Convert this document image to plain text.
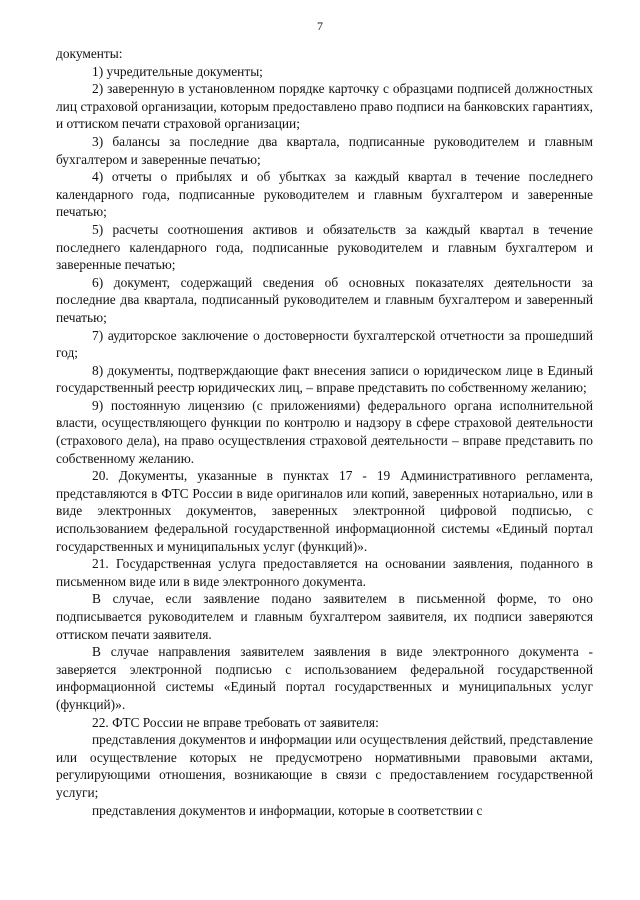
7

документы:

1) учредительные документы;

2) заверенную в установленном порядке карточку с образцами подписей должностных лиц страховой организации, которым предоставлено право подписи на банковских гарантиях, и оттиском печати страховой организации;

3) балансы за последние два квартала, подписанные руководителем и главным бухгалтером и заверенные печатью;

4) отчеты о прибылях и об убытках за каждый квартал в течение последнего календарного года, подписанные руководителем и главным бухгалтером и заверенные печатью;

5) расчеты соотношения активов и обязательств за каждый квартал в течение последнего календарного года, подписанные руководителем и главным бухгалтером и заверенные печатью;

6) документ, содержащий сведения об основных показателях деятельности за последние два квартала, подписанный руководителем и главным бухгалтером и заверенный печатью;

7) аудиторское заключение о достоверности бухгалтерской отчетности за прошедший год;

8) документы, подтверждающие факт внесения записи о юридическом лице в Единый государственный реестр юридических лиц, – вправе представить по собственному желанию;

9) постоянную лицензию (с приложениями) федерального органа исполнительной власти, осуществляющего функции по контролю и надзору в сфере страховой деятельности (страхового дела), на право осуществления страховой деятельности – вправе представить по собственному желанию.

20. Документы, указанные в пунктах 17 - 19 Административного регламента, представляются в ФТС России в виде оригиналов или копий, заверенных нотариально, или в виде электронных документов, заверенных электронной цифровой подписью, с использованием федеральной государственной информационной системы «Единый портал государственных и муниципальных услуг (функций)».

21. Государственная услуга предоставляется на основании заявления, поданного в письменном виде или в виде электронного документа.

В случае, если заявление подано заявителем в письменной форме, то оно подписывается руководителем и главным бухгалтером заявителя, их подписи заверяются оттиском печати заявителя.

В случае направления заявителем заявления в виде электронного документа - заверяется электронной подписью с использованием федеральной государственной информационной системы «Единый портал государственных и муниципальных услуг (функций)».

22. ФТС России не вправе требовать от заявителя:

представления документов и информации или осуществления действий, представление или осуществление которых не предусмотрено нормативными правовыми актами, регулирующими отношения, возникающие в связи с предоставлением государственной услуги;

представления документов и информации, которые в соответствии с
